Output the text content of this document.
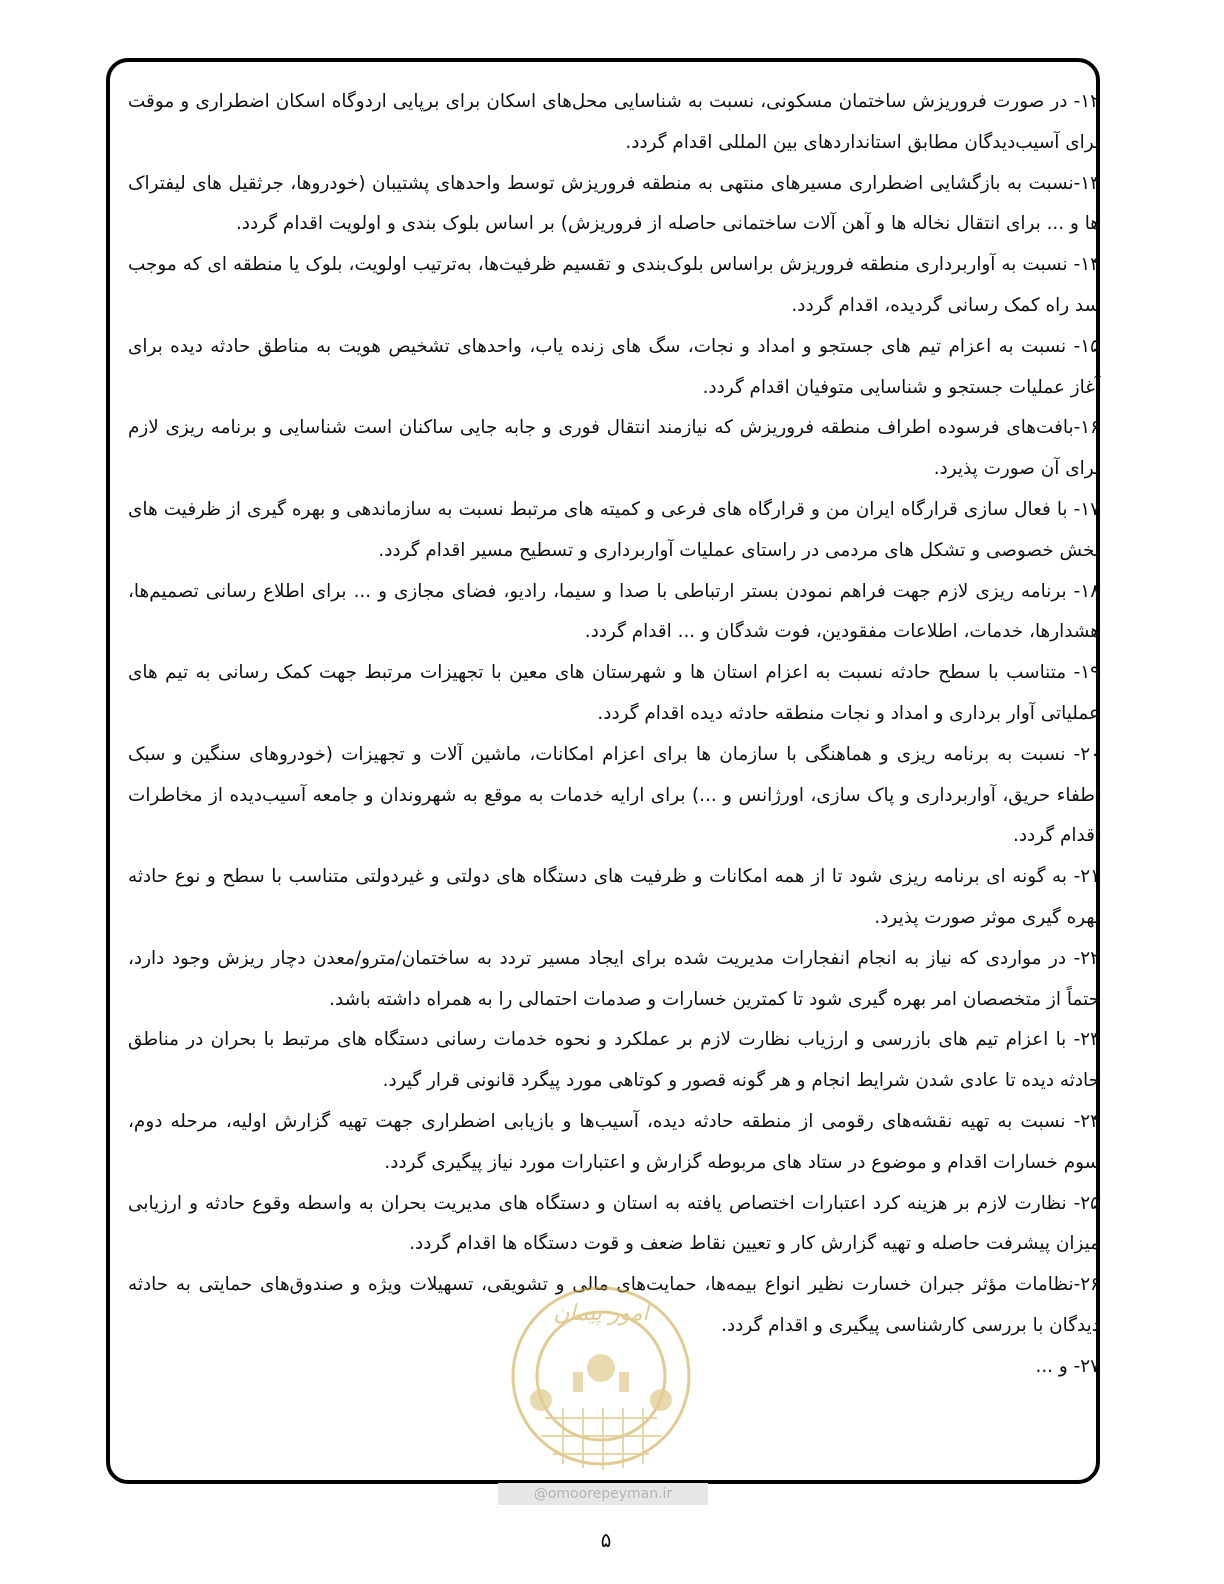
۱۲- در صورت فروریزش ساختمان مسکونی، نسبت به شناسایی محل‌های اسکان برای برپایی اردوگاه اسکان اضطراری و موقت برای آسیب‌دیدگان مطابق استانداردهای بین المللی اقدام گردد.

۱۳-نسبت به بازگشایی اضطراری مسیرهای منتهی به منطقه فروریزش توسط واحدهای پشتیبان (خودروها، جرثقیل های لیفتراک ها و ... برای انتقال نخاله ها و آهن آلات ساختمانی حاصله از فروریزش) بر اساس بلوک بندی و اولویت اقدام گردد.

۱۴- نسبت به آواربرداری منطقه فروریزش براساس بلوک‌بندی و تقسیم ظرفیت‌ها، به‌ترتیب اولویت، بلوک یا منطقه ای که موجب سد راه کمک رسانی گردیده، اقدام گردد.

۱۵- نسبت به اعزام تیم های جستجو و امداد و نجات، سگ های زنده یاب، واحدهای تشخیص هویت به مناطق حادثه دیده برای آغاز عملیات جستجو و شناسایی متوفیان اقدام گردد.

۱۶-بافت‌های فرسوده اطراف منطقه فروریزش که نیازمند انتقال فوری و جابه جایی ساکنان است شناسایی و برنامه ریزی لازم برای آن صورت پذیرد.

۱۷- با فعال سازی قرارگاه ایران من و قرارگاه های فرعی و کمیته های مرتبط نسبت به سازماندهی و بهره گیری از ظرفیت های بخش خصوصی و تشکل های مردمی در راستای عملیات آواربرداری و تسطیح مسیر اقدام گردد.

۱۸- برنامه ریزی لازم جهت فراهم نمودن بستر ارتباطی با صدا و سیما، رادیو، فضای مجازی و ... برای اطلاع رسانی تصمیم‌ها، هشدارها، خدمات، اطلاعات مفقودین، فوت شدگان و ... اقدام گردد.

۱۹- متناسب با سطح حادثه نسبت به اعزام استان ها و شهرستان های معین با تجهیزات مرتبط جهت کمک رسانی به تیم های عملیاتی آوار برداری و امداد و نجات منطقه حادثه دیده اقدام گردد.

۲۰- نسبت به برنامه ریزی و هماهنگی با سازمان ها برای اعزام امکانات، ماشین آلات و تجهیزات (خودروهای سنگین و سبک اطفاء حریق، آواربرداری و پاک سازی، اورژانس و ...) برای ارایه خدمات به موقع به شهروندان و جامعه آسیب‌دیده از مخاطرات اقدام گردد.

۲۱- به گونه ای برنامه ریزی شود تا از همه امکانات و ظرفیت های دستگاه های دولتی و غیردولتی متناسب با سطح و نوع حادثه بهره گیری موثر صورت پذیرد.

۲۲- در مواردی که نیاز به انجام انفجارات مدیریت شده برای ایجاد مسیر تردد به ساختمان/مترو/معدن دچار ریزش وجود دارد، حتماً از متخصصان امر بهره گیری شود تا کمترین خسارات و صدمات احتمالی را به همراه داشته باشد.

۲۳- با اعزام تیم های بازرسی و ارزیاب نظارت لازم بر عملکرد و نحوه خدمات رسانی دستگاه های مرتبط با بحران در مناطق حادثه دیده تا عادی شدن شرایط انجام و هر گونه قصور و کوتاهی مورد پیگرد قانونی قرار گیرد.

۲۴- نسبت به تهیه نقشه‌های رقومی از منطقه حادثه دیده، آسیب‌ها و بازیابی اضطراری جهت تهیه گزارش اولیه، مرحله دوم، سوم خسارات اقدام و موضوع در ستاد های مربوطه گزارش و اعتبارات مورد نیاز پیگیری گردد.

۲۵- نظارت لازم بر هزینه کرد اعتبارات اختصاص یافته به استان و دستگاه های مدیریت بحران به واسطه وقوع حادثه و ارزیابی میزان پیشرفت حاصله و تهیه گزارش کار و تعیین نقاط ضعف و قوت دستگاه ها اقدام گردد.

۲۶-نظامات مؤثر جبران خسارت نظیر انواع بیمه‌ها، حمایت‌های مالی و تشویقی، تسهیلات ویژه و صندوق‌های حمایتی به حادثه دیدگان با بررسی کارشناسی پیگیری و اقدام گردد.

۲۷- و ...

امور پیمان
@omoorepeyman.ir
۵
